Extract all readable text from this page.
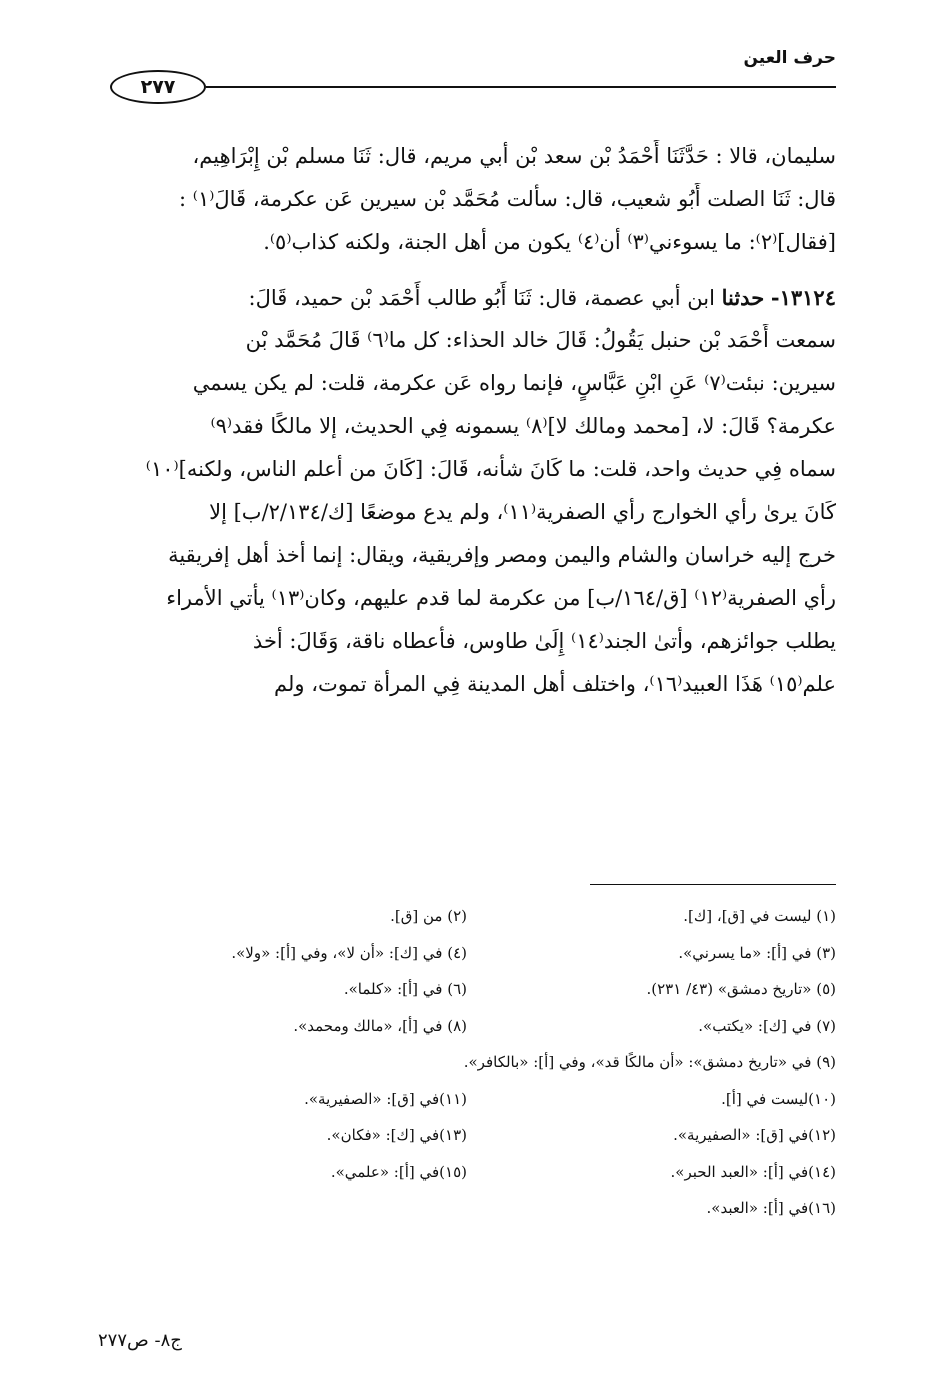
حرف العين
٢٧٧
سليمان، قالا : حَدَّثَنَا أَحْمَدُ بْن سعد بْن أبي مريم، قال: ثَنَا مسلم بْن إِبْرَاهِيم،
قال: ثَنَا الصلت أَبُو شعيب، قال: سألت مُحَمَّد بْن سيرين عَن عكرمة، قَالَ⁽١⁾ :
[فقال]⁽٢⁾: ما يسوءني⁽٣⁾ أن⁽٤⁾ يكون من أهل الجنة، ولكنه كذاب⁽٥⁾.
١٣١٢٤- حدثنا ابن أبي عصمة، قال: ثَنَا أَبُو طالب أَحْمَد بْن حميد، قَالَ:
سمعت أَحْمَد بْن حنبل يَقُولُ: قَالَ خالد الحذاء: كل ما⁽٦⁾ قَالَ مُحَمَّد بْن
سيرين: نبئت⁽٧⁾ عَنِ ابْنِ عَبَّاسٍ، فإنما رواه عَن عكرمة، قلت: لم يكن يسمي
عكرمة؟ قَالَ: لا، [محمد ومالك لا]⁽٨⁾ يسمونه فِي الحديث، إلا مالكًا فقد⁽٩⁾
سماه فِي حديث واحد، قلت: ما كَانَ شأنه، قَالَ: [كَانَ من أعلم الناس، ولكنه]⁽١٠⁾
كَانَ يرىٰ رأي الخوارج رأي الصفرية⁽١١⁾، ولم يدع موضعًا [ك/٢/١٣٤/ب] إلا
خرج إليه خراسان والشام واليمن ومصر وإفريقية، ويقال: إنما أخذ أهل إفريقية
رأي الصفرية⁽١٢⁾ [ق/١٦٤/ب] من عكرمة لما قدم عليهم، وكان⁽١٣⁾ يأتي الأمراء
يطلب جوائزهم، وأتىٰ الجند⁽١٤⁾ إِلَىٰ طاوس، فأعطاه ناقة، وَقَالَ: أخذ
علم⁽١٥⁾ هَذَا العبيد⁽١٦⁾، واختلف أهل المدينة فِي المرأة تموت، ولم
(١) ليست في [ق]، [ك].
(٢) من [ق].
(٣) في [أ]: «ما يسرني».
(٤) في [ك]: «أن لا»، وفي [أ]: «ولا».
(٥) «تاريخ دمشق» (٤٣/ ٢٣١).
(٦) في [أ]: «كلما».
(٧) في [ك]: «يكتب».
(٨) في [أ]، «مالك ومحمد».
(٩) في «تاريخ دمشق»: «أن مالكًا قد»، وفي [أ]: «بالكافر».
(١٠)ليست في [أ].
(١١)في [ق]: «الصفيرية».
(١٢)في [ق]: «الصفيرية».
(١٣)في [ك]: «فكان».
(١٤)في [أ]: «العبد الحبر».
(١٥)في [أ]: «علمي».
(١٦)في [أ]: «العبد».
ج٨- ص٢٧٧
